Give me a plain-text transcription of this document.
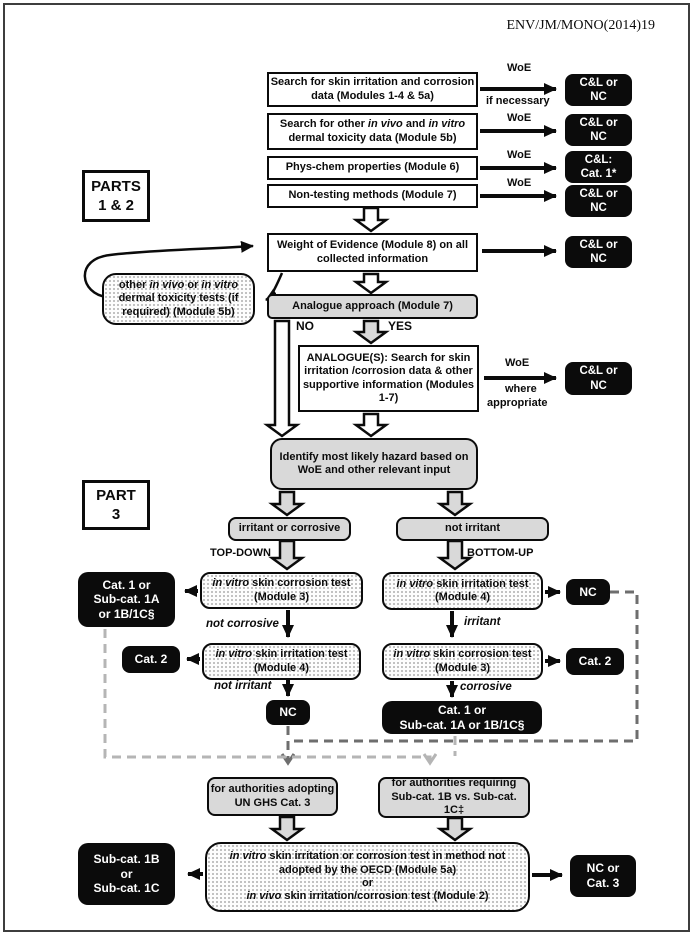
ENV/JM/MONO(2014)19
PARTS
1 & 2
PART
3
Search for skin irritation and corrosion data (Modules 1-4 & 5a)
Search for other in vivo and in vitro dermal toxicity data (Module 5b)
Phys-chem properties (Module 6)
Non-testing methods (Module 7)
Weight of Evidence (Module 8) on all collected information
ANALOGUE(S): Search for skin irritation /corrosion data & other supportive information (Modules 1-7)
Analogue approach (Module 7)
Identify most likely hazard based on WoE and other relevant input
irritant or corrosive	not irritant
for authorities adopting UN GHS Cat. 3
for authorities requiring Sub-cat. 1B vs. Sub-cat. 1C‡
other in vivo or in vitro dermal toxicity tests (if required) (Module 5b)
in vitro skin corrosion test (Module 3)
in vitro skin irritation test (Module 4)
in vitro skin irritation test (Module 4)
in vitro skin corrosion test (Module 3)
in vitro skin irritation or corrosion test in method not adopted by the OECD (Module 5a)
or
in vivo skin irritation/corrosion test (Module 2)
C&L or
NC
C&L or
NC
C&L:
Cat. 1*
C&L or
NC
C&L or
NC
C&L or
NC
Cat. 1 or
Sub-cat. 1A
or 1B/1C§
Cat. 2
NC
NC
Cat. 2
Cat. 1 or
Sub-cat. 1A or 1B/1C§
Sub-cat. 1B
or
Sub-cat. 1C
NC or
Cat. 3
WoE
if necessary
WoE
WoE
WoE
WoE
where
appropriate
NO	YES
TOP-DOWN	BOTTOM-UP
not corrosive
not irritant
irritant
corrosive
